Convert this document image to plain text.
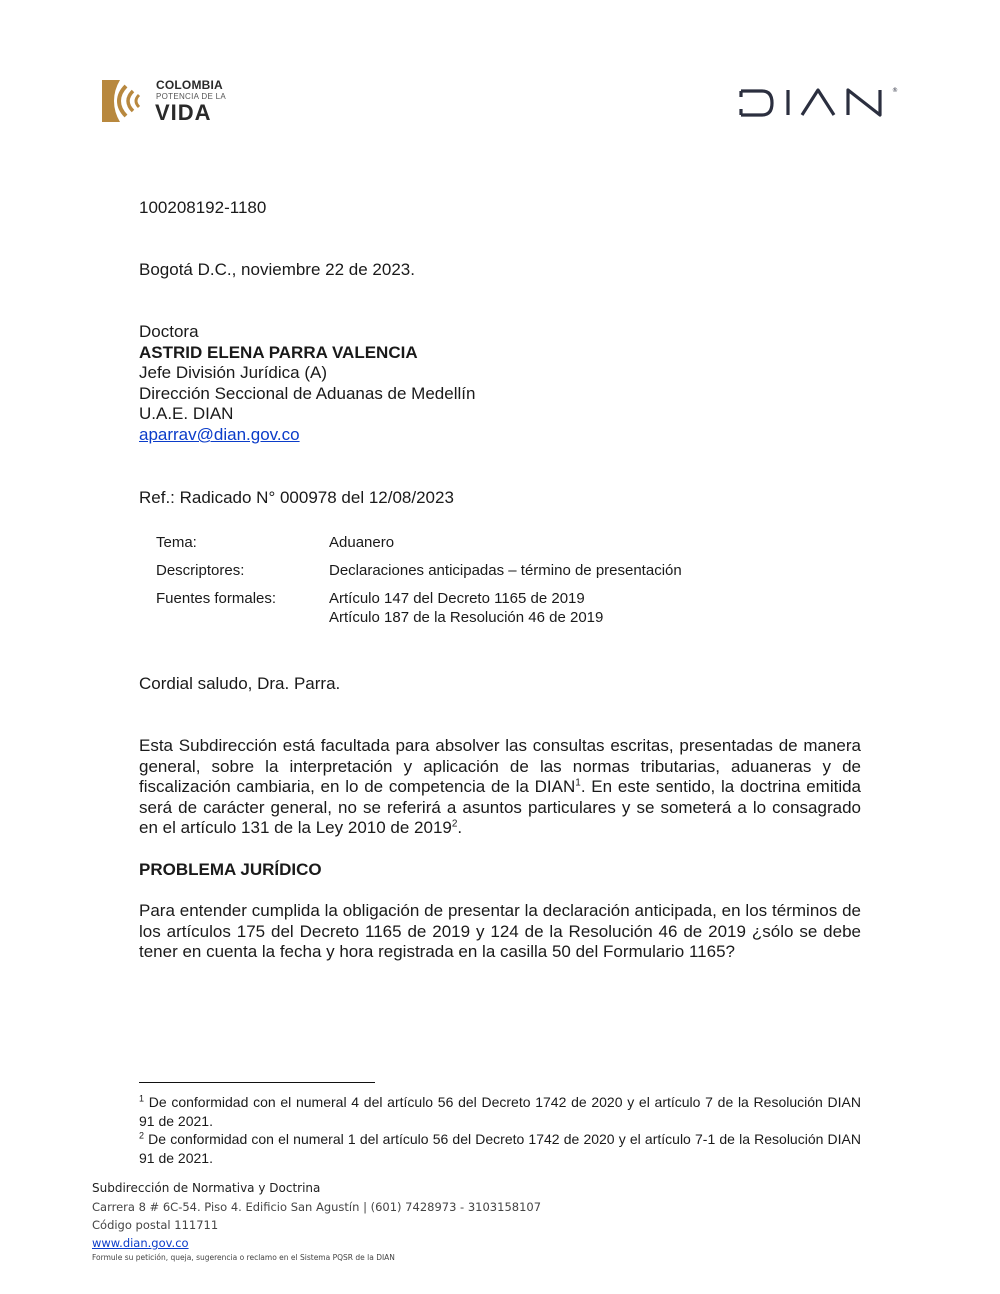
COLOMBIA
POTENCIA DE LA
VIDA
®
100208192-1180
Bogotá D.C., noviembre 22 de 2023.
Doctora
ASTRID ELENA PARRA VALENCIA
Jefe División Jurídica (A)
Dirección Seccional de Aduanas de Medellín
U.A.E. DIAN
aparrav@dian.gov.co
Ref.: Radicado N° 000978 del 12/08/2023
Tema:	Aduanero
Descriptores:	Declaraciones anticipadas – término de presentación
Fuentes formales:	Artículo 147 del Decreto 1165 de 2019
Artículo 187 de la Resolución 46 de 2019
Cordial saludo, Dra. Parra.
Esta Subdirección está facultada para absolver las consultas escritas, presentadas de manera general, sobre la interpretación y aplicación de las normas tributarias, aduaneras y de fiscalización cambiaria, en lo de competencia de la DIAN$^1$. En este sentido, la doctrina emitida será de carácter general, no se referirá a asuntos particulares y se someterá a lo consagrado en el artículo 131 de la Ley 2010 de 2019$^2$.
PROBLEMA JURÍDICO
Para entender cumplida la obligación de presentar la declaración anticipada, en los términos de los artículos 175 del Decreto 1165 de 2019 y 124 de la Resolución 46 de 2019 ¿sólo se debe tener en cuenta la fecha y hora registrada en la casilla 50 del Formulario 1165?
$^1$ De conformidad con el numeral 4 del artículo 56 del Decreto 1742 de 2020 y el artículo 7 de la Resolución DIAN 91 de 2021.
$^2$ De conformidad con el numeral 1 del artículo 56 del Decreto 1742 de 2020 y el artículo 7-1 de la Resolución DIAN 91 de 2021.
Subdirección de Normativa y Doctrina
Carrera 8 # 6C-54. Piso 4. Edificio San Agustín | (601) 7428973 - 3103158107
Código postal 111711
www.dian.gov.co
Formule su petición, queja, sugerencia o reclamo en el Sistema PQSR de la DIAN
